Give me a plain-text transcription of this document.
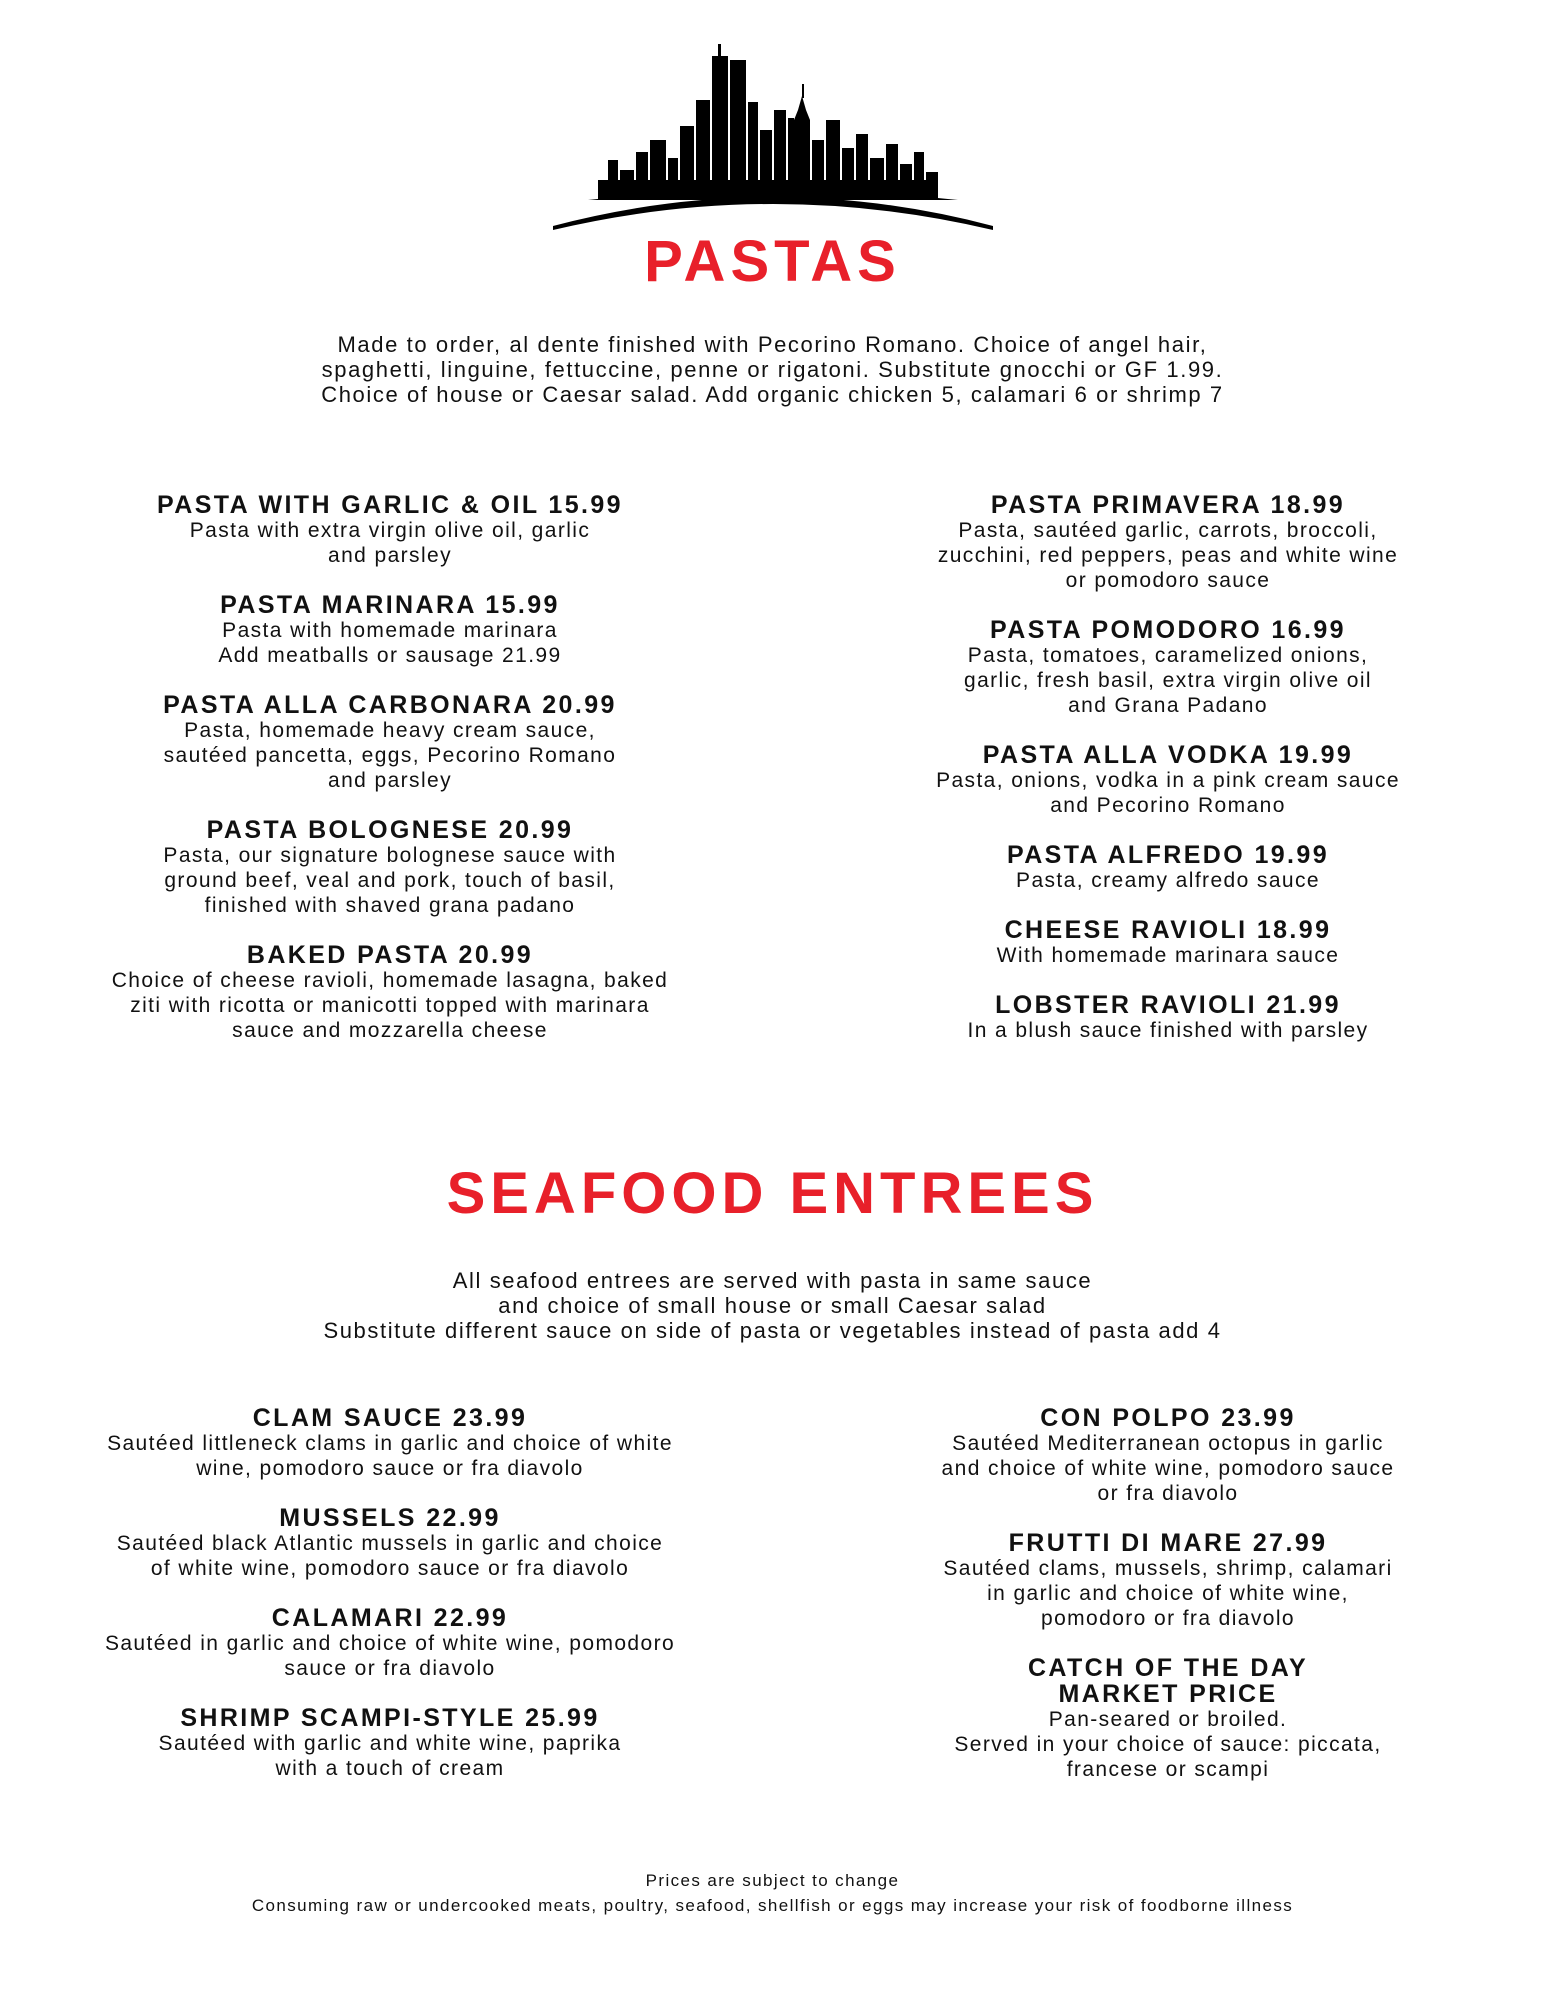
PASTAS

Made to order, al dente finished with Pecorino Romano. Choice of angel hair,

spaghetti, linguine, fettuccine, penne or rigatoni. Substitute gnocchi or GF 1.99.

Choice of house or Caesar salad. Add organic chicken 5, calamari 6 or shrimp 7

PASTA WITH GARLIC & OIL 15.99

Pasta with extra virgin olive oil, garlic

and parsley

PASTA MARINARA 15.99

Pasta with homemade marinara

Add meatballs or sausage 21.99

PASTA ALLA CARBONARA 20.99

Pasta, homemade heavy cream sauce,

sautéed pancetta, eggs, Pecorino Romano

and parsley

PASTA BOLOGNESE 20.99

Pasta, our signature bolognese sauce with

ground beef, veal and pork, touch of basil,

finished with shaved grana padano

BAKED PASTA 20.99

Choice of cheese ravioli, homemade lasagna, baked

ziti with ricotta or manicotti topped with marinara

sauce and mozzarella cheese

PASTA PRIMAVERA 18.99

Pasta, sautéed garlic, carrots, broccoli,

zucchini, red peppers, peas and white wine

or pomodoro sauce

PASTA POMODORO 16.99

Pasta, tomatoes, caramelized onions,

garlic, fresh basil, extra virgin olive oil

and Grana Padano

PASTA ALLA VODKA 19.99

Pasta, onions, vodka in a pink cream sauce

and Pecorino Romano

PASTA ALFREDO 19.99

Pasta, creamy alfredo sauce

CHEESE RAVIOLI 18.99

With homemade marinara sauce

LOBSTER RAVIOLI 21.99

In a blush sauce finished with parsley

SEAFOOD ENTREES

All seafood entrees are served with pasta in same sauce

and choice of small house or small Caesar salad

Substitute different sauce on side of pasta or vegetables instead of pasta add 4

CLAM SAUCE 23.99

Sautéed littleneck clams in garlic and choice of white

wine, pomodoro sauce or fra diavolo

MUSSELS 22.99

Sautéed black Atlantic mussels in garlic and choice

of white wine, pomodoro sauce or fra diavolo

CALAMARI 22.99

Sautéed in garlic and choice of white wine, pomodoro

sauce or fra diavolo

SHRIMP SCAMPI-STYLE 25.99

Sautéed with garlic and white wine, paprika

with a touch of cream

CON POLPO 23.99

Sautéed Mediterranean octopus in garlic

and choice of white wine, pomodoro sauce

or fra diavolo

FRUTTI DI MARE 27.99

Sautéed clams, mussels, shrimp, calamari

in garlic and choice of white wine,

pomodoro or fra diavolo

CATCH OF THE DAY

MARKET PRICE

Pan-seared or broiled.

Served in your choice of sauce: piccata,

francese or scampi

Prices are subject to change

Consuming raw or undercooked meats, poultry, seafood, shellfish or eggs may increase your risk of foodborne illness
